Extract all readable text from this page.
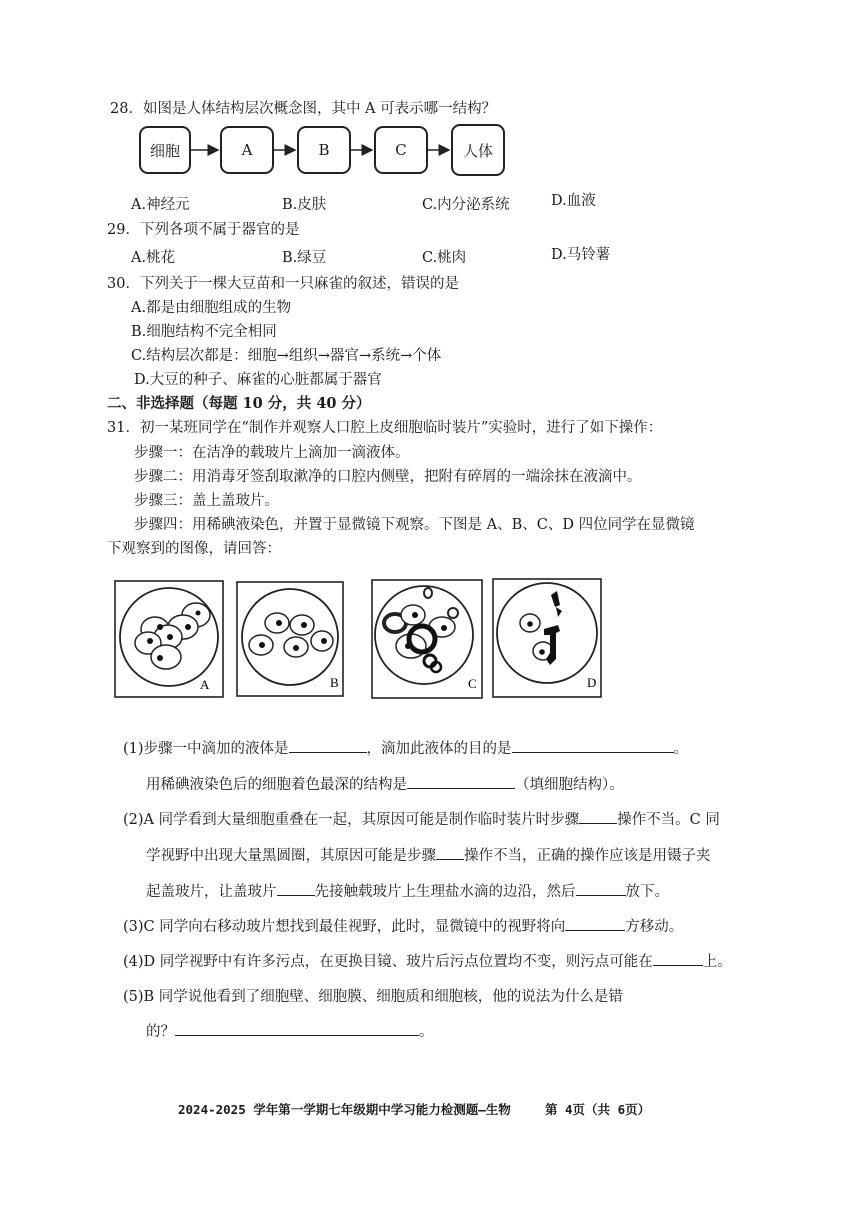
28．如图是人体结构层次概念图，其中 A 可表示哪一结构？
细胞	A	B	C	人体
A.神经元	B.皮肤	C.内分泌系统	D.血液
29．下列各项不属于器官的是
A.桃花	B.绿豆	C.桃肉	D.马铃薯
30．下列关于一棵大豆苗和一只麻雀的叙述，错误的是
A.都是由细胞组成的生物
B.细胞结构不完全相同
C.结构层次都是：细胞→组织→器官→系统→个体
D.大豆的种子、麻雀的心脏都属于器官
二、非选择题（每题 10 分，共 40 分）
31．初一某班同学在“制作并观察人口腔上皮细胞临时装片”实验时，进行了如下操作：
步骤一：在洁净的载玻片上滴加一滴液体。
步骤二：用消毒牙签刮取漱净的口腔内侧壁，把附有碎屑的一端涂抹在液滴中。
步骤三：盖上盖玻片。
步骤四：用稀碘液染色，并置于显微镜下观察。下图是 A、B、C、D 四位同学在显微镜
下观察到的图像，请回答：
A	B	C	D
(1)步骤一中滴加的液体是	，滴加此液体的目的是	。
用稀碘液染色后的细胞着色最深的结构是	（填细胞结构）。
(2)A 同学看到大量细胞重叠在一起，其原因可能是制作临时装片时步骤	操作不当。C 同
学视野中出现大量黑圆圈，其原因可能是步骤 操作不当，正确的操作应该是用镊子夹
起盖玻片，让盖玻片	先接触载玻片上生理盐水滴的边沿，然后	放下。
(3)C 同学向右移动玻片想找到最佳视野，此时，显微镜中的视野将向	方移动。
(4)D 同学视野中有许多污点，在更换目镜、玻片后污点位置均不变，则污点可能在	上。
(5)B 同学说他看到了细胞壁、细胞膜、细胞质和细胞核，他的说法为什么是错
的？	。
2024-2025 学年第一学期七年级期中学习能力检测题—生物	第 4页（共 6页）
